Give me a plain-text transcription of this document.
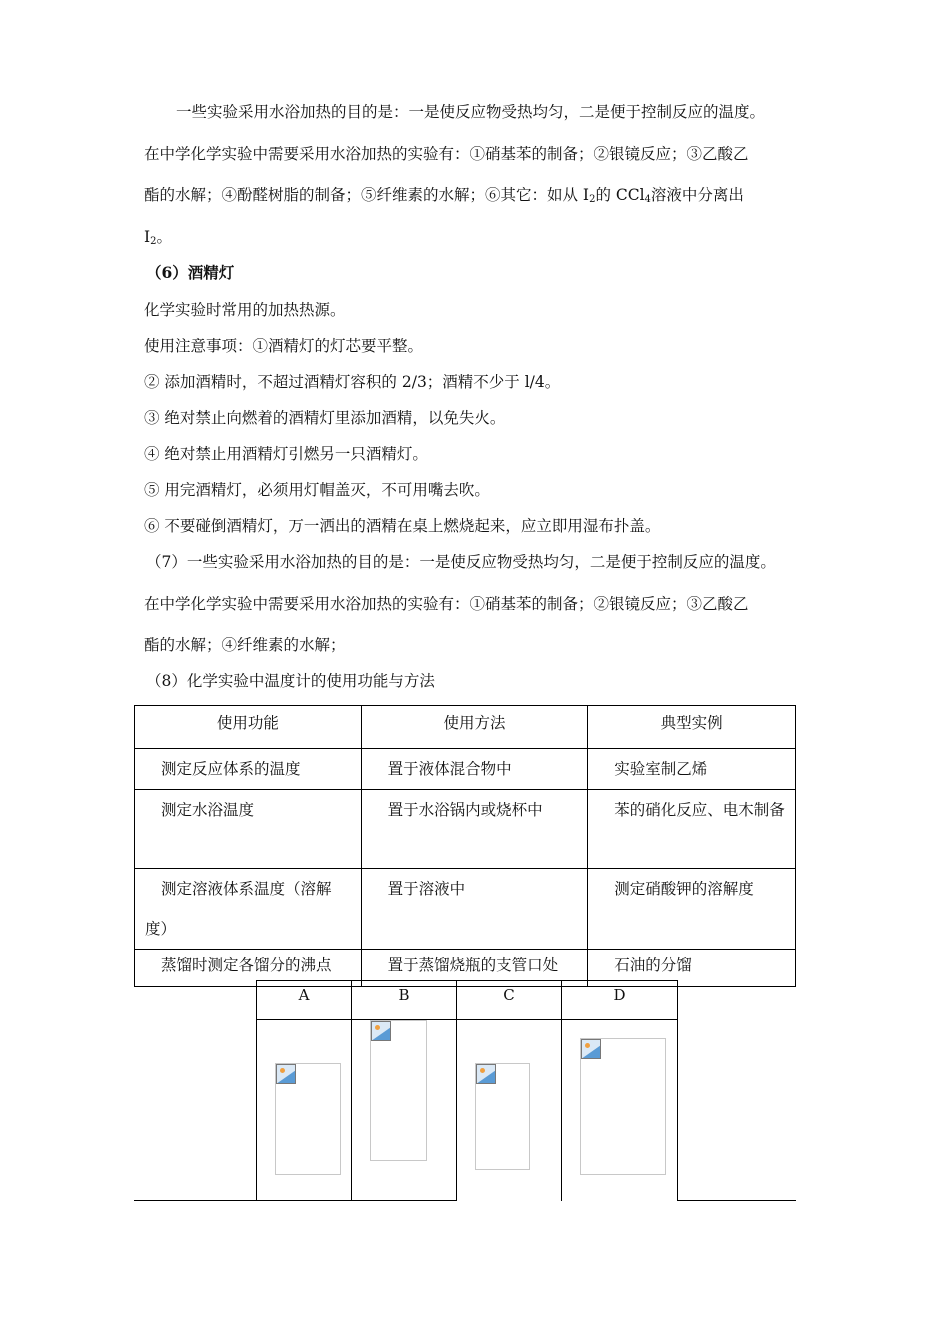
一些实验采用水浴加热的目的是：一是使反应物受热均匀，二是便于控制反应的温度。
在中学化学实验中需要采用水浴加热的实验有：①硝基苯的制备；②银镜反应；③乙酸乙
酯的水解；④酚醛树脂的制备；⑤纤维素的水解；⑥其它：如从 $I_2$的 CCl$_4$溶液中分离出
$I_2$。
（6）酒精灯
化学实验时常用的加热热源。
使用注意事项：①酒精灯的灯芯要平整。
② 添加酒精时，不超过酒精灯容积的 2/3；酒精不少于 l/4。
③ 绝对禁止向燃着的酒精灯里添加酒精，以免失火。
④ 绝对禁止用酒精灯引燃另一只酒精灯。
⑤ 用完酒精灯，必须用灯帽盖灭，不可用嘴去吹。
⑥ 不要碰倒酒精灯，万一洒出的酒精在桌上燃烧起来，应立即用湿布扑盖。
（7）一些实验采用水浴加热的目的是：一是使反应物受热均匀，二是便于控制反应的温度。
在中学化学实验中需要采用水浴加热的实验有：①硝基苯的制备；②银镜反应；③乙酸乙
酯的水解；④纤维素的水解；
（8）化学实验中温度计的使用功能与方法
使用功能	使用方法	典型实例
测定反应体系的温度	置于液体混合物中	实验室制乙烯
测定水浴温度	置于水浴锅内或烧杯中	苯的硝化反应、电木制备
测定溶液体系温度（溶解度）	置于溶液中	测定硝酸钾的溶解度
蒸馏时测定各馏分的沸点	置于蒸馏烧瓶的支管口处	石油的分馏
A	B	C	D
